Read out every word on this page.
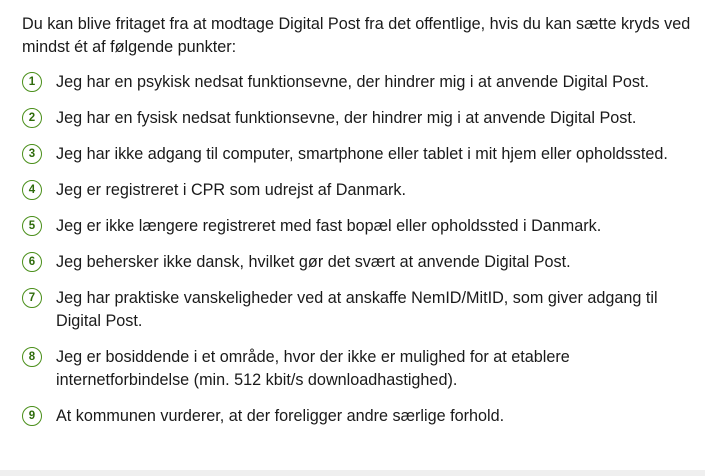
Du kan blive fritaget fra at modtage Digital Post fra det offentlige, hvis du kan sætte kryds ved mindst ét af følgende punkter:

1	Jeg har en psykisk nedsat funktionsevne, der hindrer mig i at anvende Digital Post.
2	Jeg har en fysisk nedsat funktionsevne, der hindrer mig i at anvende Digital Post.
3	Jeg har ikke adgang til computer, smartphone eller tablet i mit hjem eller opholdssted.
4	Jeg er registreret i CPR som udrejst af Danmark.
5	Jeg er ikke længere registreret med fast bopæl eller opholdssted i Danmark.
6	Jeg behersker ikke dansk, hvilket gør det svært at anvende Digital Post.
7	Jeg har praktiske vanskeligheder ved at anskaffe NemID/MitID, som giver adgang til Digital Post.
8	Jeg er bosiddende i et område, hvor der ikke er mulighed for at etablere internetforbindelse (min. 512 kbit/s downloadhastighed).
9	At kommunen vurderer, at der foreligger andre særlige forhold.
